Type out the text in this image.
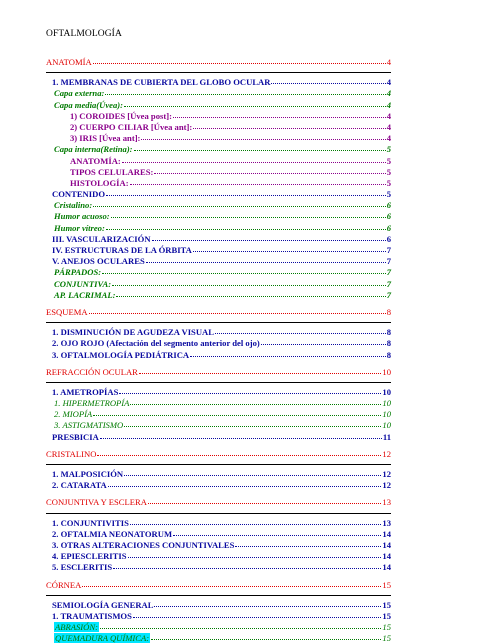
OFTALMOLOGÍA
ANATOMÍA	4
1. MEMBRANAS DE CUBIERTA DEL GLOBO OCULAR	4
Capa externa:	4
Capa media(Úvea):	4
1) COROIDES [Úvea post]:	4
2) CUERPO CILIAR [Úvea ant]:	4
3) IRIS [Úvea ant]:	4
Capa interna(Retina):	5
ANATOMÍA:	5
TIPOS CELULARES:	5
HISTOLOGÍA:	5
CONTENIDO	5
Cristalino:	6
Humor acuoso:	6
Humor vítreo:	6
III. VASCULARIZACIÓN	6
IV. ESTRUCTURAS DE LA ÓRBITA	7
V. ANEJOS OCULARES	7
PÁRPADOS:	7
CONJUNTIVA:	7
AP. LACRIMAL:	7
ESQUEMA	8
1. DISMINUCIÓN DE AGUDEZA VISUAL	8
2. OJO ROJO (Afectación del segmento anterior del ojo)	8
3. OFTALMOLOGÍA PEDIÁTRICA	8
REFRACCIÓN OCULAR	10
1. AMETROPÍAS	10
1. HIPERMETROPÍA	10
2. MIOPÍA	10
3. ASTIGMATISMO	10
PRESBICIA	11
CRISTALINO	12
1. MALPOSICIÓN	12
2. CATARATA	12
CONJUNTIVA Y ESCLERA	13
1. CONJUNTIVITIS	13
2. OFTALMIA NEONATORUM	14
3. OTRAS ALTERACIONES CONJUNTIVALES	14
4. EPIESCLERITIS	14
5. ESCLERITIS	14
CÓRNEA	15
SEMIOLOGÍA GENERAL	15
1. TRAUMATISMOS	15
ABRASIÓN:	15
QUEMADURA QUÍMICA:	15
